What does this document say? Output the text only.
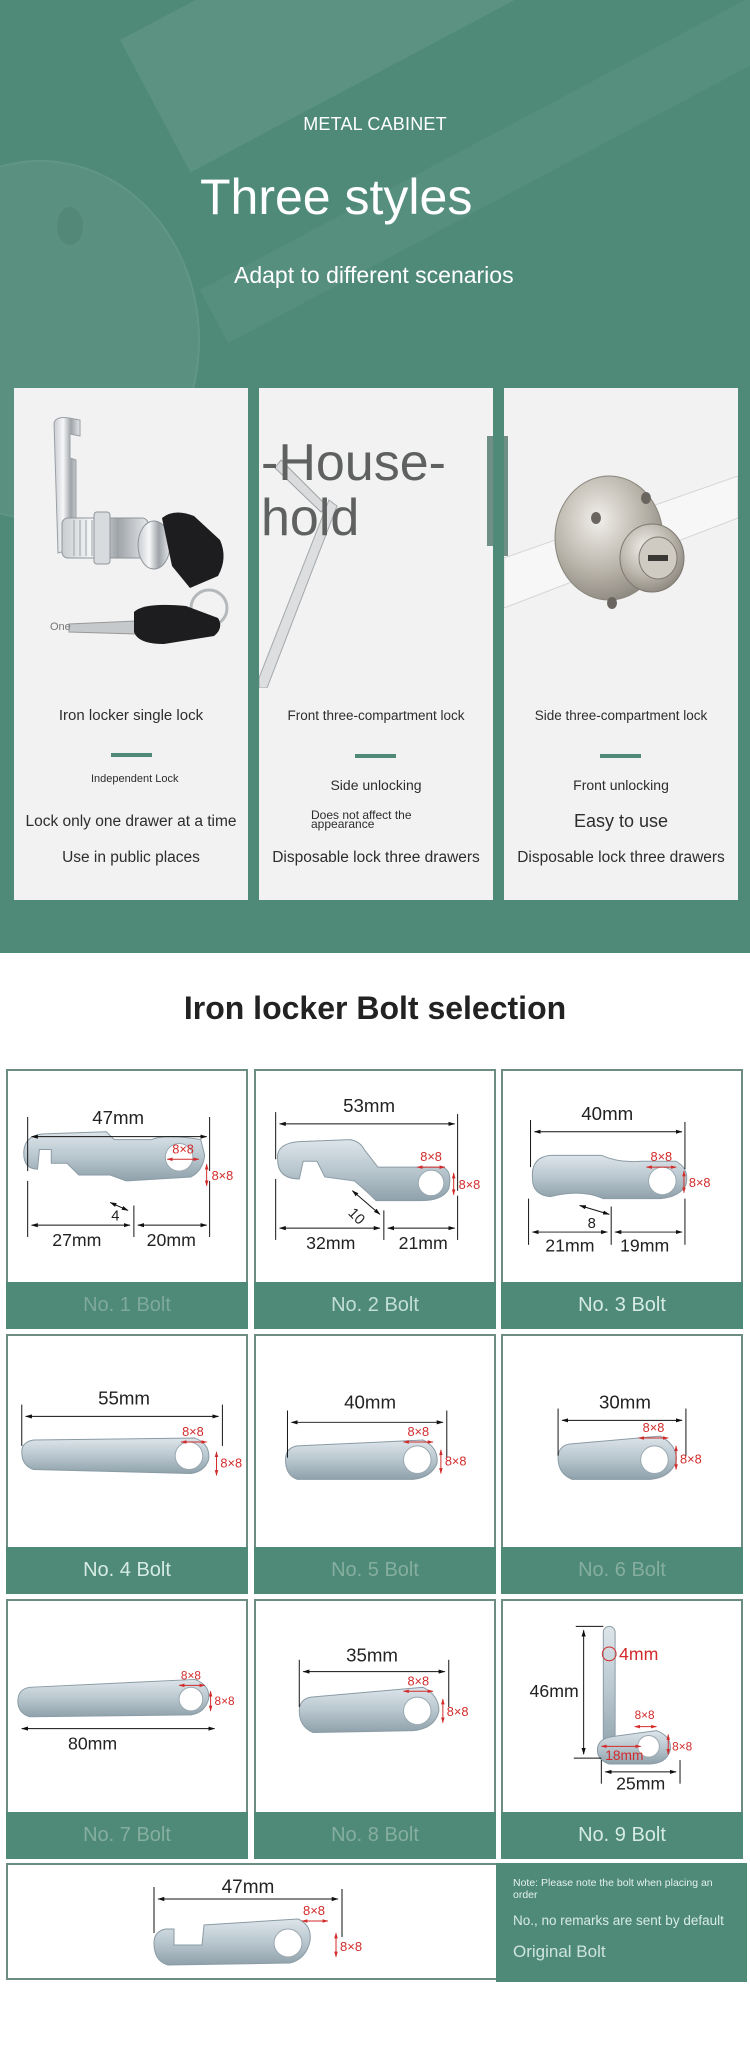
METAL CABINET
Three styles
Adapt to different scenarios
One
Iron locker single lock
Independent Lock
Lock only one drawer at a time
Use in public places
-House-hold
Front three-compartment lock
Side unlocking
Does not affect the appearance
Disposable lock three drawers
Side three-compartment lock
Front unlocking
Easy to use
Disposable lock three drawers
Iron locker Bolt selection
47mm
4
27mm	20mm
8×8
8×8
No. 1 Bolt
53mm
10
32mm 21mm
8×8
8×8
No. 2 Bolt
40mm
8
21mm 19mm
8×8
8×8
No. 3 Bolt
55mm
8×8
8×8
No. 4 Bolt
40mm
8×8
8×8
No. 5 Bolt
30mm
8×8
8×8
No. 6 Bolt
80mm
8×8
8×8
No. 7 Bolt
35mm
8×8
8×8
No. 8 Bolt
46mm
4mm
18mm
8×8
8×8
25mm
No. 9 Bolt
47mm
8×8
8×8
Note: Please note the bolt when placing an order
No., no remarks are sent by default
Original Bolt
